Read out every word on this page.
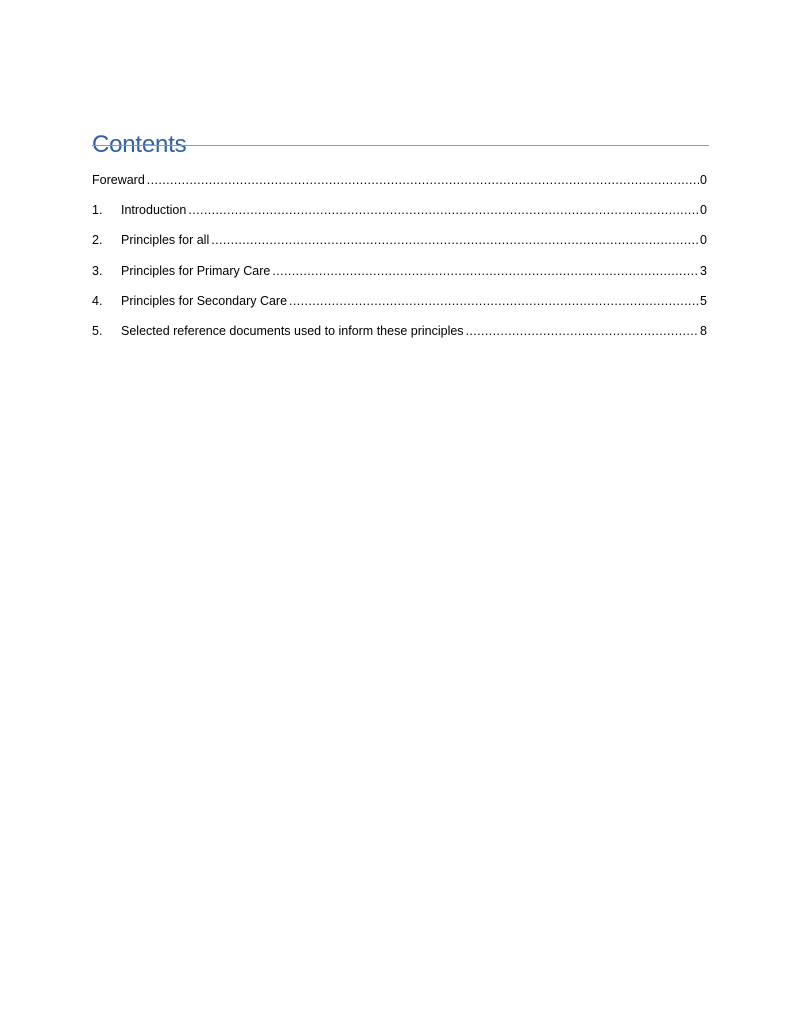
Contents
Foreward .....	0
1.	Introduction .....	0
2.	Principles for all .....	0
3.	Principles for Primary Care .....	3
4.	Principles for Secondary Care .....	5
5.	Selected reference documents used to inform these principles .....	8
